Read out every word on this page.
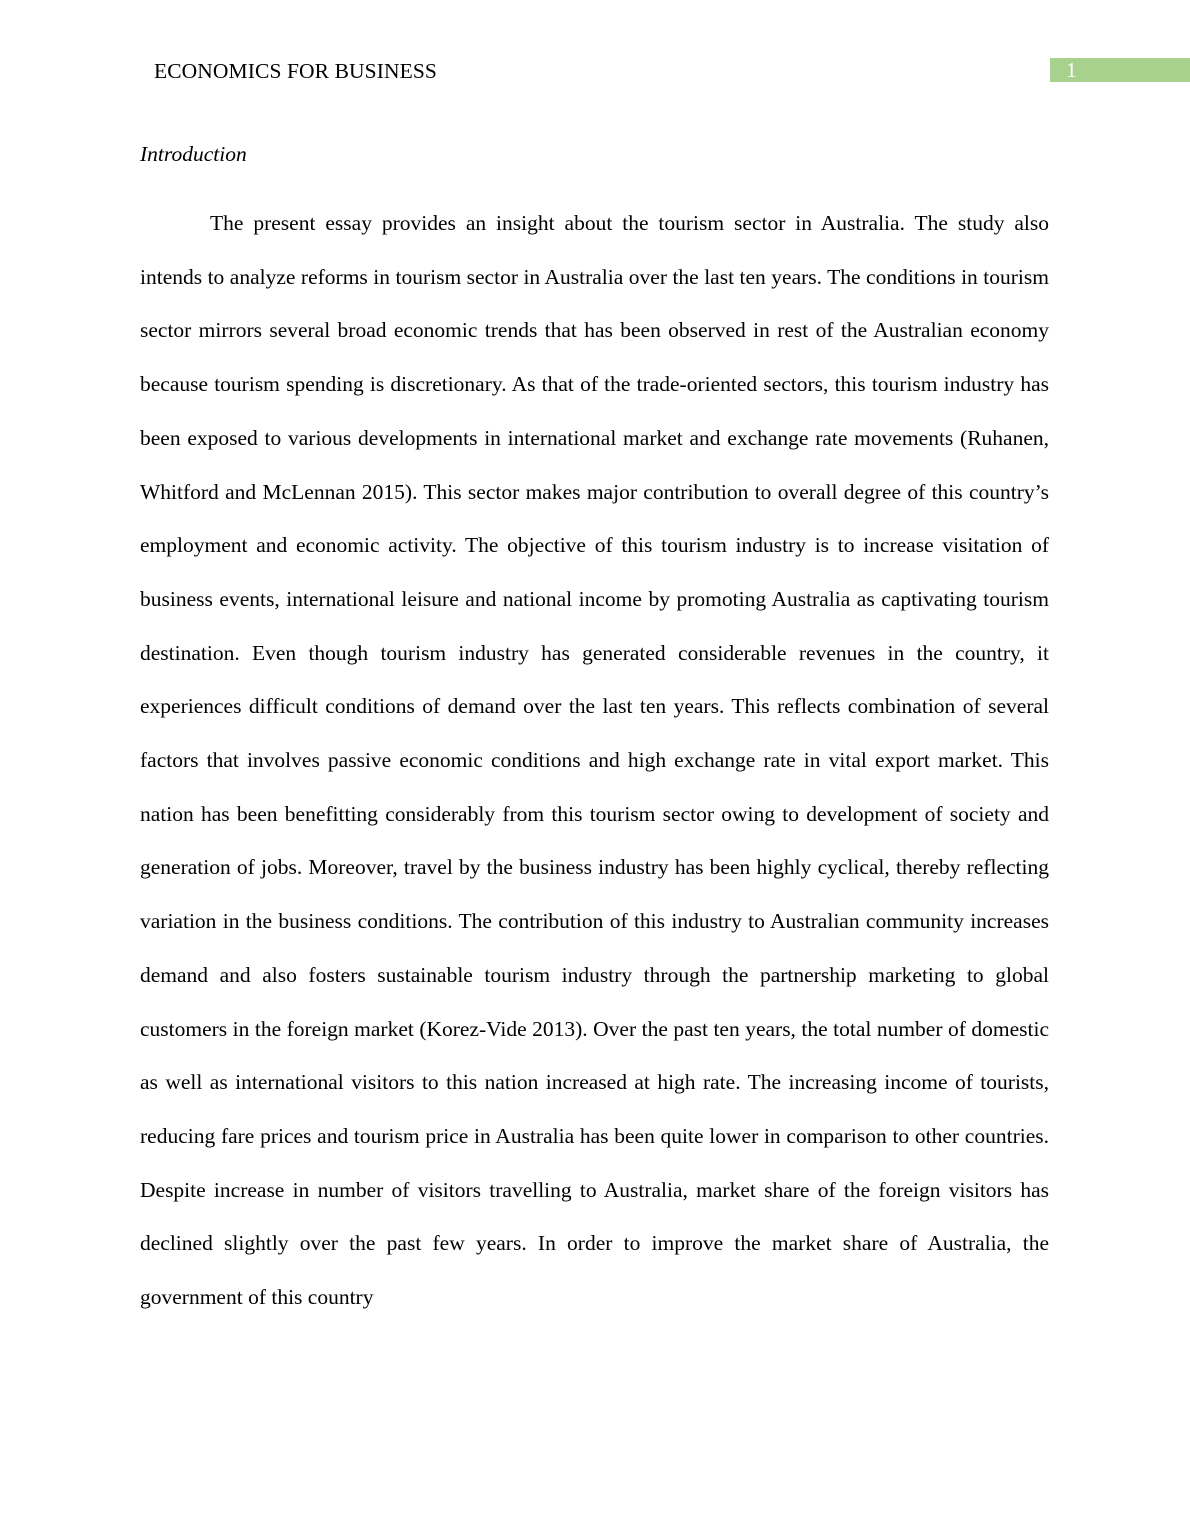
ECONOMICS FOR BUSINESS	1
Introduction

The present essay provides an insight about the tourism sector in Australia. The study also intends to analyze reforms in tourism sector in Australia over the last ten years. The conditions in tourism sector mirrors several broad economic trends that has been observed in rest of the Australian economy because tourism spending is discretionary. As that of the trade-oriented sectors, this tourism industry has been exposed to various developments in international market and exchange rate movements (Ruhanen, Whitford and McLennan 2015). This sector makes major contribution to overall degree of this country’s employment and economic activity. The objective of this tourism industry is to increase visitation of business events, international leisure and national income by promoting Australia as captivating tourism destination. Even though tourism industry has generated considerable revenues in the country, it experiences difficult conditions of demand over the last ten years. This reflects combination of several factors that involves passive economic conditions and high exchange rate in vital export market. This nation has been benefitting considerably from this tourism sector owing to development of society and generation of jobs. Moreover, travel by the business industry has been highly cyclical, thereby reflecting variation in the business conditions. The contribution of this industry to Australian community increases demand and also fosters sustainable tourism industry through the partnership marketing to global customers in the foreign market (Korez-Vide 2013). Over the past ten years, the total number of domestic as well as international visitors to this nation increased at high rate. The increasing income of tourists, reducing fare prices and tourism price in Australia has been quite lower in comparison to other countries. Despite increase in number of visitors travelling to Australia, market share of the foreign visitors has declined slightly over the past few years. In order to improve the market share of Australia, the government of this country
